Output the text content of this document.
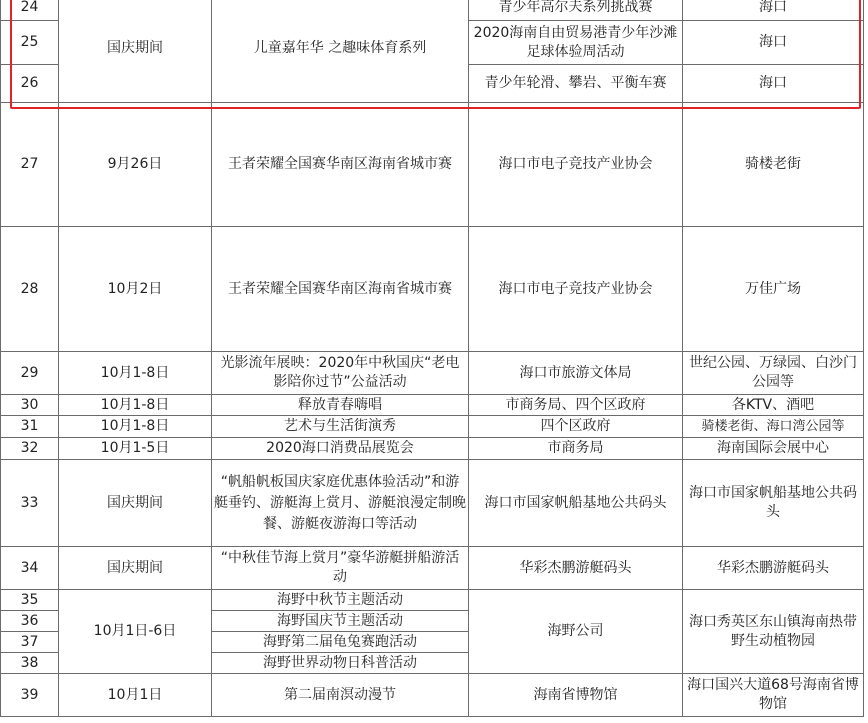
24	国庆期间	儿童嘉年华 之趣味体育系列	青少年高尔夫系列挑战赛	海口
25			2020海南自由贸易港青少年沙滩足球体验周活动	海口
26			青少年轮滑、攀岩、平衡车赛	海口
27	9月26日	王者荣耀全国赛华南区海南省城市赛	海口市电子竞技产业协会	骑楼老街
28	10月2日	王者荣耀全国赛华南区海南省城市赛	海口市电子竞技产业协会	万佳广场
29	10月1-8日	光影流年展映：2020年中秋国庆“老电影陪你过节”公益活动	海口市旅游文体局	世纪公园、万绿园、白沙门公园等
30	10月1-8日	释放青春嗨唱	市商务局、四个区政府	各KTV、酒吧
31	10月1-8日	艺术与生活街演秀	四个区政府	骑楼老街、海口湾公园等
32	10月1-5日	2020海口消费品展览会	市商务局	海南国际会展中心
33	国庆期间	“帆船帆板国庆家庭优惠体验活动”和游艇垂钓、游艇海上赏月、游艇浪漫定制晚餐、游艇夜游海口等活动	海口市国家帆船基地公共码头	海口市国家帆船基地公共码头
34	国庆期间	“中秋佳节海上赏月”豪华游艇拼船游活动	华彩杰鹏游艇码头	华彩杰鹏游艇码头
35	10月1日-6日	海野中秋节主题活动	海野公司	海口秀英区东山镇海南热带野生动植物园
36		海野国庆节主题活动		
37		海野第二届龟兔赛跑活动		
38		海野世界动物日科普活动		
39	10月1日	第二届南溟动漫节	海南省博物馆	海口国兴大道68号海南省博物馆
